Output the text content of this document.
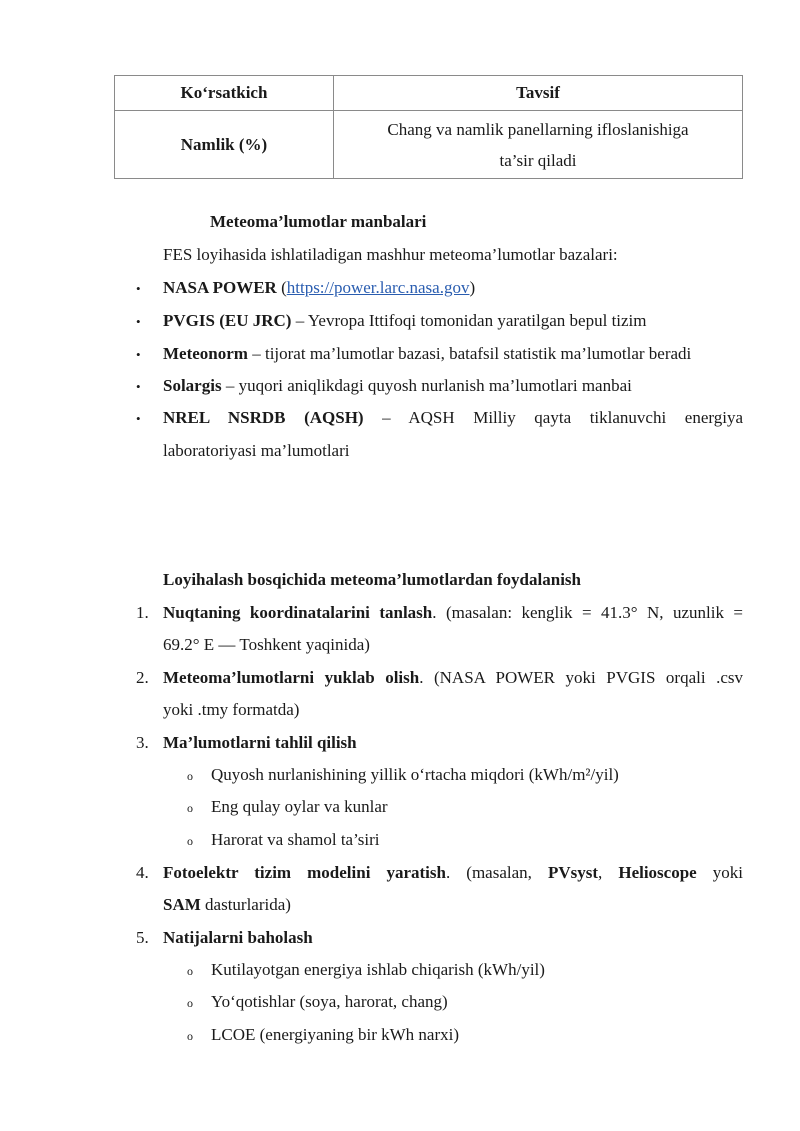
Koʻrsatkich	Tavsif
Namlik (%)	Chang va namlik panellarning ifloslanishiga
ta’sir qiladi
Meteoma’lumotlar manbalari
FES loyihasida ishlatiladigan mashhur meteoma’lumotlar bazalari:
• NASA POWER (https://power.larc.nasa.gov)
• PVGIS (EU JRC) – Yevropa Ittifoqi tomonidan yaratilgan bepul tizim
• Meteonorm – tijorat ma’lumotlar bazasi, batafsil statistik ma’lumotlar beradi
• Solargis – yuqori aniqlikdagi quyosh nurlanish ma’lumotlari manbai
• NREL NSRDB (AQSH) – AQSH Milliy qayta tiklanuvchi energiya
laboratoriyasi ma’lumotlari
Loyihalash bosqichida meteoma’lumotlardan foydalanish
1. Nuqtaning koordinatalarini tanlash. (masalan: kenglik = 41.3° N, uzunlik =
69.2° E — Toshkent yaqinida)
2. Meteoma’lumotlarni yuklab olish. (NASA POWER yoki PVGIS orqali .csv
yoki .tmy formatda)
3. Ma’lumotlarni tahlil qilish
o Quyosh nurlanishining yillik oʻrtacha miqdori (kWh/m²/yil)
o Eng qulay oylar va kunlar
o Harorat va shamol ta’siri
4. Fotoelektr tizim modelini yaratish. (masalan, PVsyst, Helioscope yoki
SAM dasturlarida)
5. Natijalarni baholash
o Kutilayotgan energiya ishlab chiqarish (kWh/yil)
o Yoʻqotishlar (soya, harorat, chang)
o LCOE (energiyaning bir kWh narxi)
